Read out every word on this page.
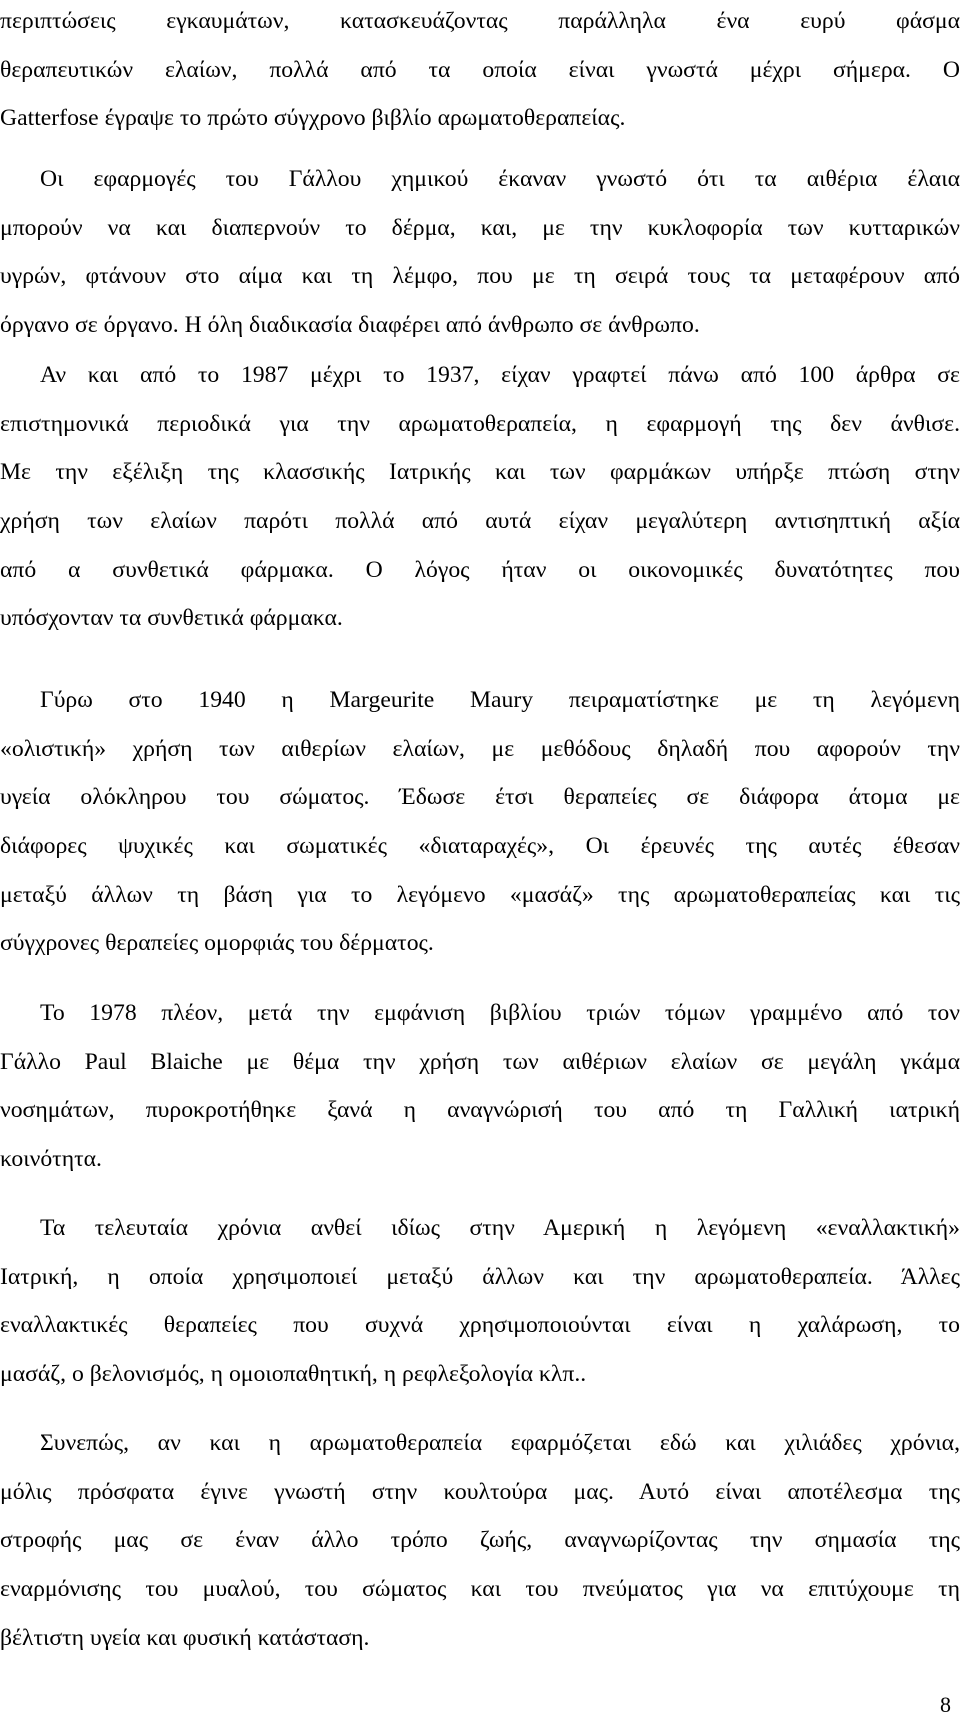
περιπτώσεις εγκαυμάτων, κατασκευάζοντας παράλληλα ένα ευρύ φάσμα
θεραπευτικών ελαίων, πολλά από τα οποία είναι γνωστά μέχρι σήμερα. Ο
Gatterfose έγραψε το πρώτο σύγχρονο βιβλίο αρωματοθεραπείας.
Οι εφαρμογές του Γάλλου χημικού έκαναν γνωστό ότι τα αιθέρια έλαια
μπορούν να και διαπερνούν το δέρμα, και, με την κυκλοφορία των κυτταρικών
υγρών, φτάνουν στο αίμα και τη λέμφο, που με τη σειρά τους τα μεταφέρουν από
όργανο σε όργανο. Η όλη διαδικασία διαφέρει από άνθρωπο σε άνθρωπο.
Αν και από το 1987 μέχρι το 1937, είχαν γραφτεί πάνω από 100 άρθρα σε
επιστημονικά περιοδικά για την αρωματοθεραπεία, η εφαρμογή της δεν άνθισε.
Με την εξέλιξη της κλασσικής Ιατρικής και των φαρμάκων υπήρξε πτώση στην
χρήση των ελαίων παρότι πολλά από αυτά είχαν μεγαλύτερη αντισηπτική αξία
από α συνθετικά φάρμακα. Ο λόγος ήταν οι οικονομικές δυνατότητες που
υπόσχονταν τα συνθετικά φάρμακα.
Γύρω στο 1940 η Margeurite Maury πειραματίστηκε με τη λεγόμενη
«ολιστική» χρήση των αιθερίων ελαίων, με μεθόδους δηλαδή που αφορούν την
υγεία ολόκληρου του σώματος. Έδωσε έτσι θεραπείες σε διάφορα άτομα με
διάφορες ψυχικές και σωματικές «διαταραχές», Οι έρευνές της αυτές έθεσαν
μεταξύ άλλων τη βάση για το λεγόμενο «μασάζ» της αρωματοθεραπείας και τις
σύγχρονες θεραπείες ομορφιάς του δέρματος.
Το 1978 πλέον, μετά την εμφάνιση βιβλίου τριών τόμων γραμμένο από τον
Γάλλο Paul Blaiche με θέμα την χρήση των αιθέριων ελαίων σε μεγάλη γκάμα
νοσημάτων, πυροκροτήθηκε ξανά η αναγνώρισή του από τη Γαλλική ιατρική
κοινότητα.
Τα τελευταία χρόνια ανθεί ιδίως στην Αμερική η λεγόμενη «εναλλακτική»
Ιατρική, η οποία χρησιμοποιεί μεταξύ άλλων και την αρωματοθεραπεία. Άλλες
εναλλακτικές θεραπείες που συχνά χρησιμοποιούνται είναι η χαλάρωση, το
μασάζ, ο βελονισμός, η ομοιοπαθητική, η ρεφλεξολογία κλπ..
Συνεπώς, αν και η αρωματοθεραπεία εφαρμόζεται εδώ και χιλιάδες χρόνια,
μόλις πρόσφατα έγινε γνωστή στην κουλτούρα μας. Αυτό είναι αποτέλεσμα της
στροφής μας σε έναν άλλο τρόπο ζωής, αναγνωρίζοντας την σημασία της
εναρμόνισης του μυαλού, του σώματος και του πνεύματος για να επιτύχουμε τη
βέλτιστη υγεία και φυσική κατάσταση.
8
